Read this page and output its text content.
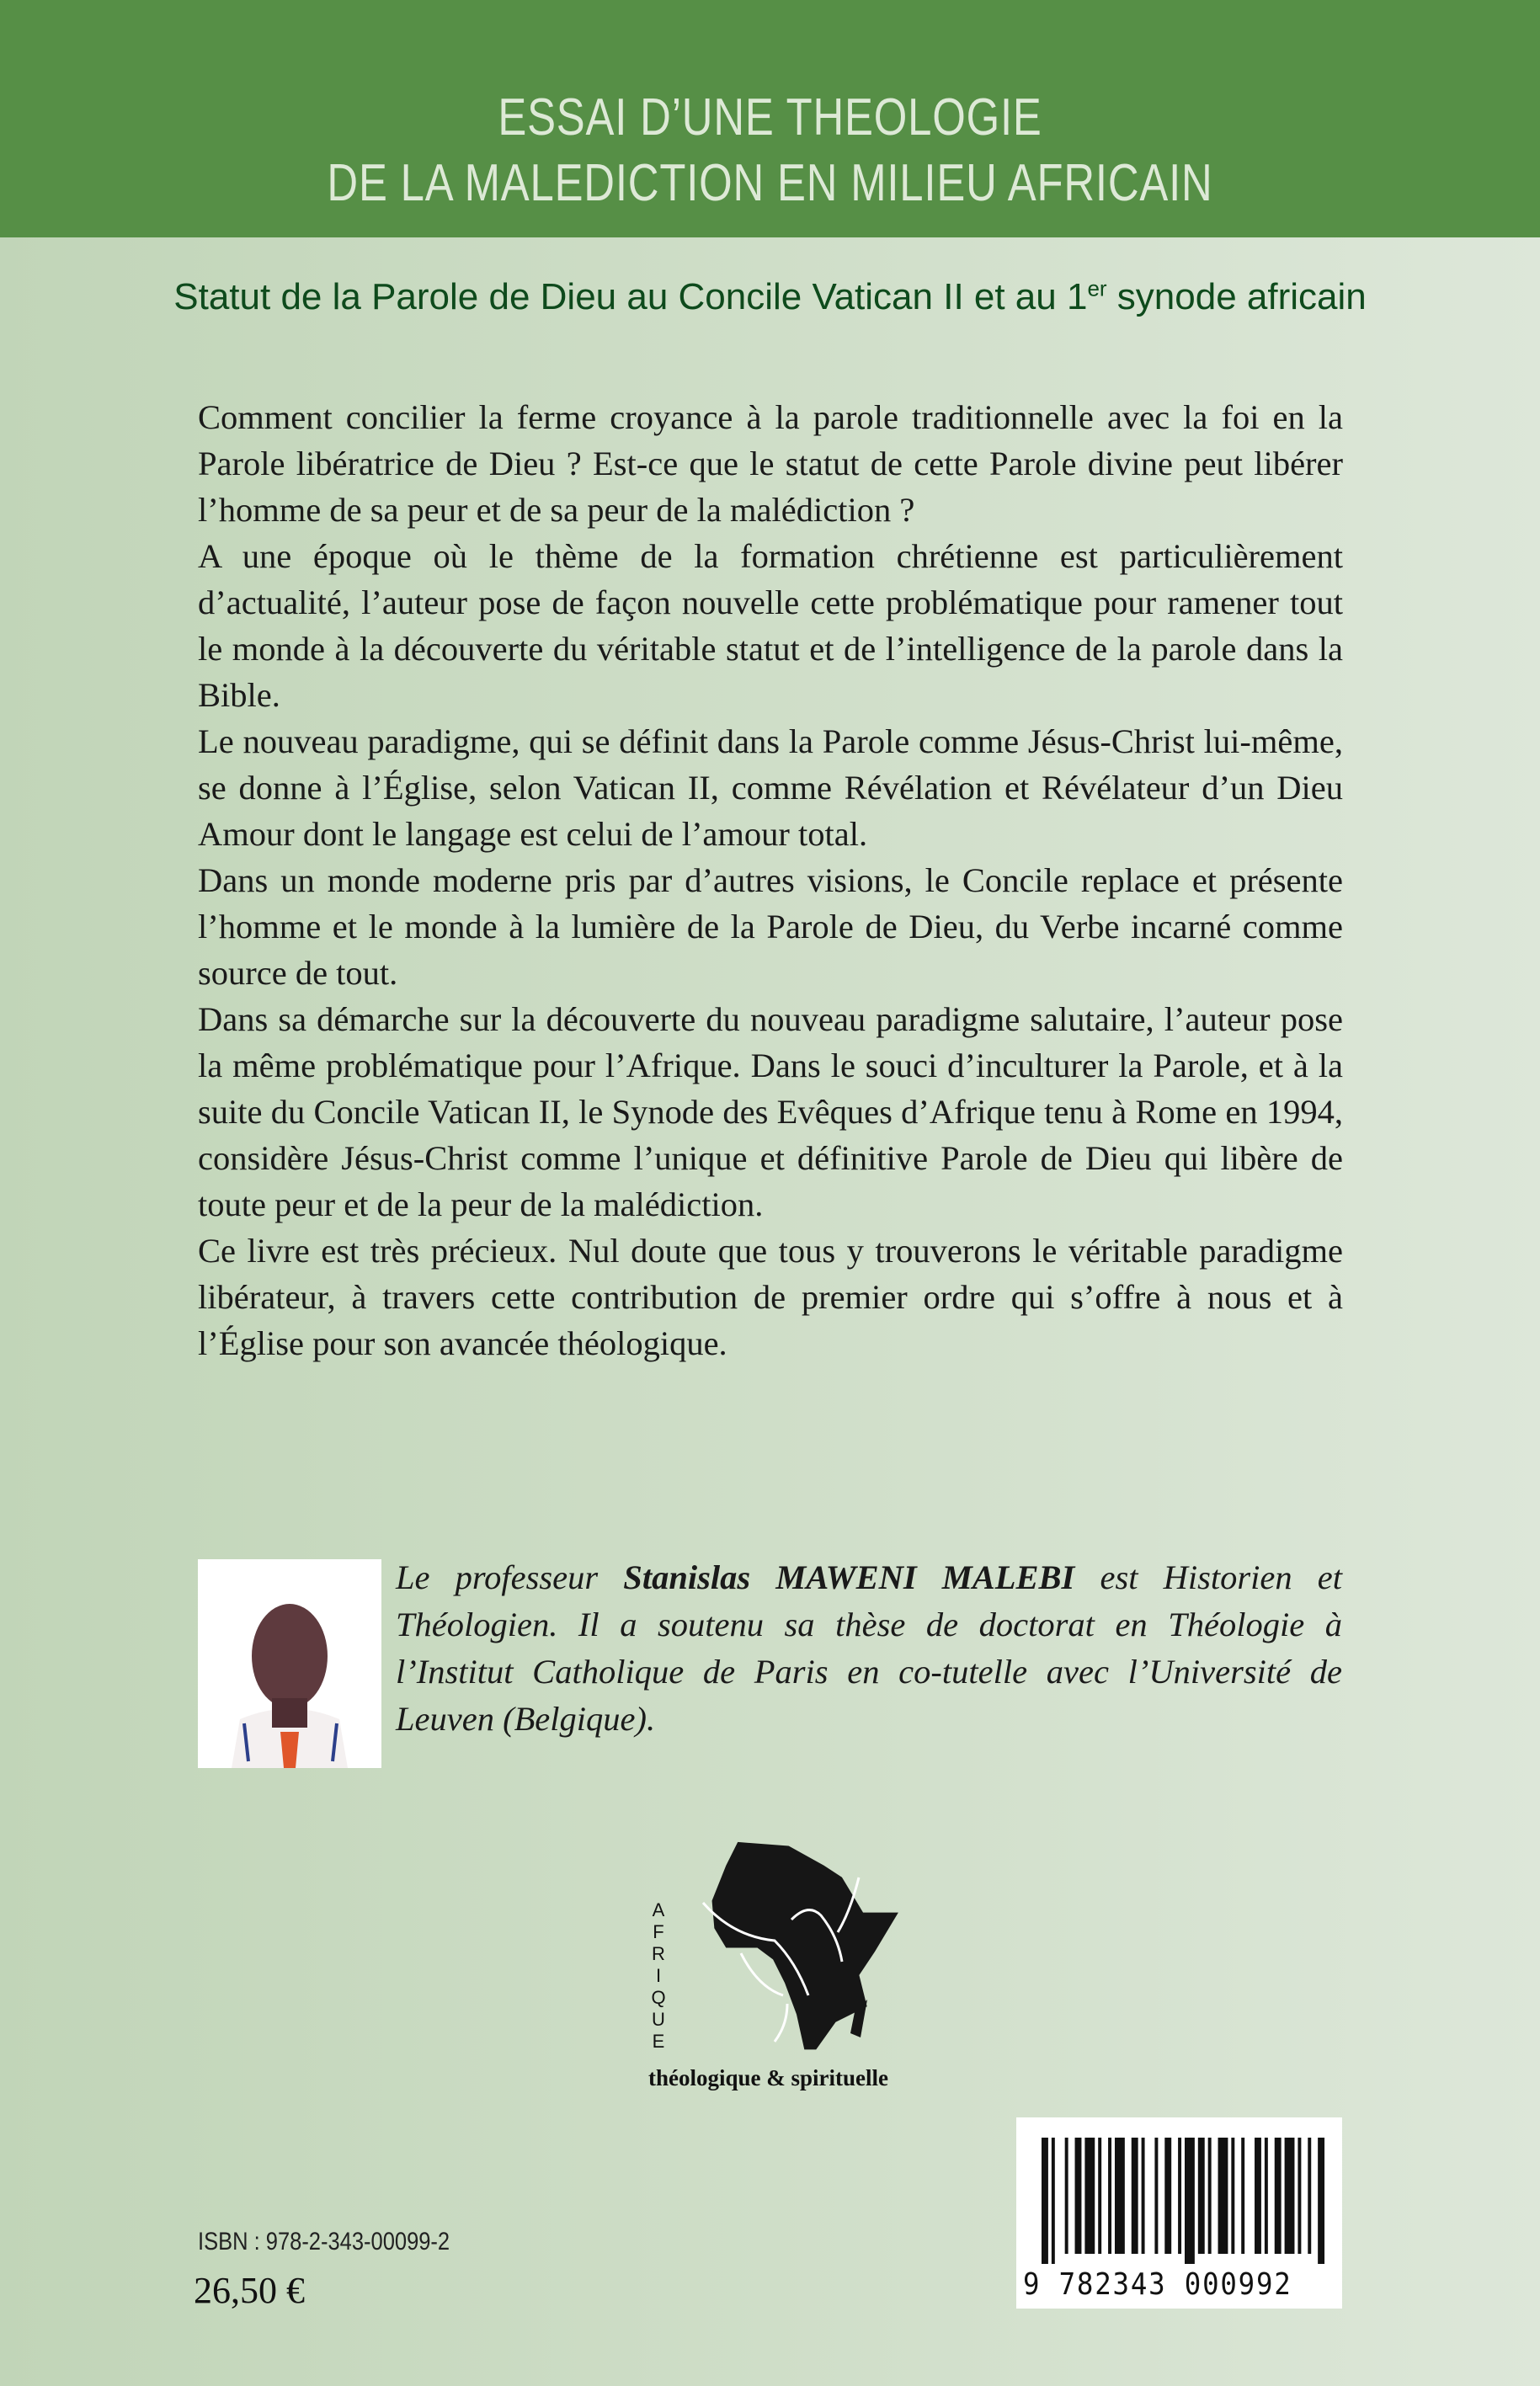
ESSAI D’UNE THEOLOGIE
DE LA MALEDICTION EN MILIEU AFRICAIN
Statut de la Parole de Dieu au Concile Vatican II et au 1er synode africain

Comment concilier la ferme croyance à la parole traditionnelle avec la foi en la Parole libératrice de Dieu ? Est-ce que le statut de cette Parole divine peut libérer l’homme de sa peur et de sa peur de la malédiction ?

A une époque où le thème de la formation chrétienne est particulièrement d’actualité, l’auteur pose de façon nouvelle cette problématique pour ramener tout le monde à la découverte du véritable statut et de l’intelligence de la parole dans la Bible.

Le nouveau paradigme, qui se définit dans la Parole comme Jésus-Christ lui-même, se donne à l’Église, selon Vatican II, comme Révélation et Révélateur d’un Dieu Amour dont le langage est celui de l’amour total.

Dans un monde moderne pris par d’autres visions, le Concile replace et présente l’homme et le monde à la lumière de la Parole de Dieu, du Verbe incarné comme source de tout.

Dans sa démarche sur la découverte du nouveau paradigme salutaire, l’auteur pose la même problématique pour l’Afrique. Dans le souci d’inculturer la Parole, et à la suite du Concile Vatican II, le Synode des Evêques d’Afrique tenu à Rome en 1994, considère Jésus-Christ comme l’unique et définitive Parole de Dieu qui libère de toute peur et de la peur de la malédiction.

Ce livre est très précieux. Nul doute que tous y trouverons le véritable paradigme libérateur, à travers cette contribution de premier ordre qui s’offre à nous et à l’Église pour son avancée théologique.

Le professeur Stanislas MAWENI MALEBI est Historien et Théologien. Il a soutenu sa thèse de doctorat en Théologie à l’Institut Catholique de Paris en co-tutelle avec l’Université de Leuven (Belgique).
A
F
R
I
Q
U
E
théologique & spirituelle
ISBN : 978-2-343-00099-2
26,50 €	9 782343 000992
